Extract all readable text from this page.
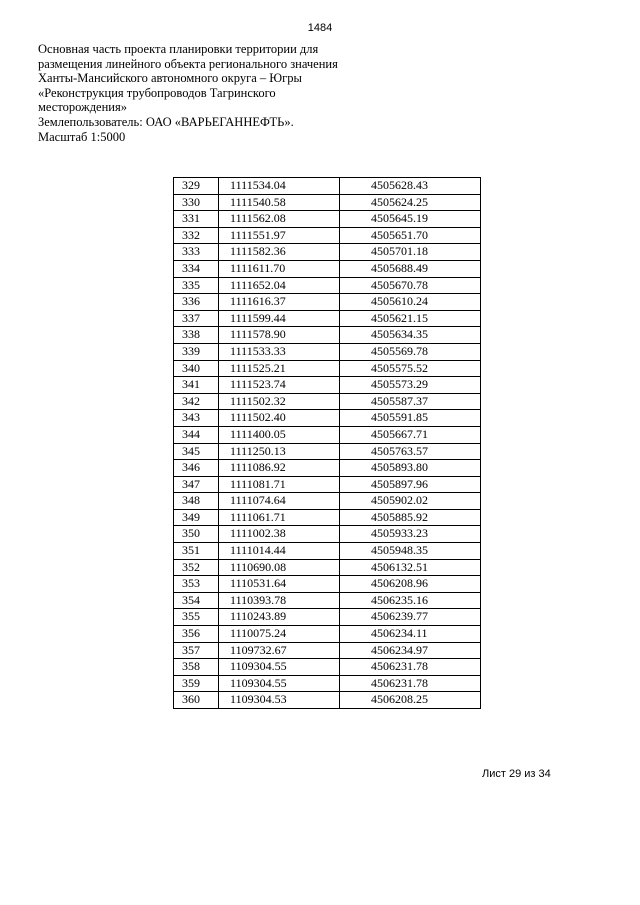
1484
Основная часть проекта планировки территории для
размещения линейного объекта регионального значения
Ханты-Мансийского автономного округа – Югры
«Реконструкция трубопроводов Тагринского
месторождения»
Землепользователь: ОАО «ВАРЬЕГАННЕФТЬ».
Масштаб 1:5000
329	1111534.04	4505628.43
330	1111540.58	4505624.25
331	1111562.08	4505645.19
332	1111551.97	4505651.70
333	1111582.36	4505701.18
334	1111611.70	4505688.49
335	1111652.04	4505670.78
336	1111616.37	4505610.24
337	1111599.44	4505621.15
338	1111578.90	4505634.35
339	1111533.33	4505569.78
340	1111525.21	4505575.52
341	1111523.74	4505573.29
342	1111502.32	4505587.37
343	1111502.40	4505591.85
344	1111400.05	4505667.71
345	1111250.13	4505763.57
346	1111086.92	4505893.80
347	1111081.71	4505897.96
348	1111074.64	4505902.02
349	1111061.71	4505885.92
350	1111002.38	4505933.23
351	1111014.44	4505948.35
352	1110690.08	4506132.51
353	1110531.64	4506208.96
354	1110393.78	4506235.16
355	1110243.89	4506239.77
356	1110075.24	4506234.11
357	1109732.67	4506234.97
358	1109304.55	4506231.78
359	1109304.55	4506231.78
360	1109304.53	4506208.25
Лист 29 из 34
